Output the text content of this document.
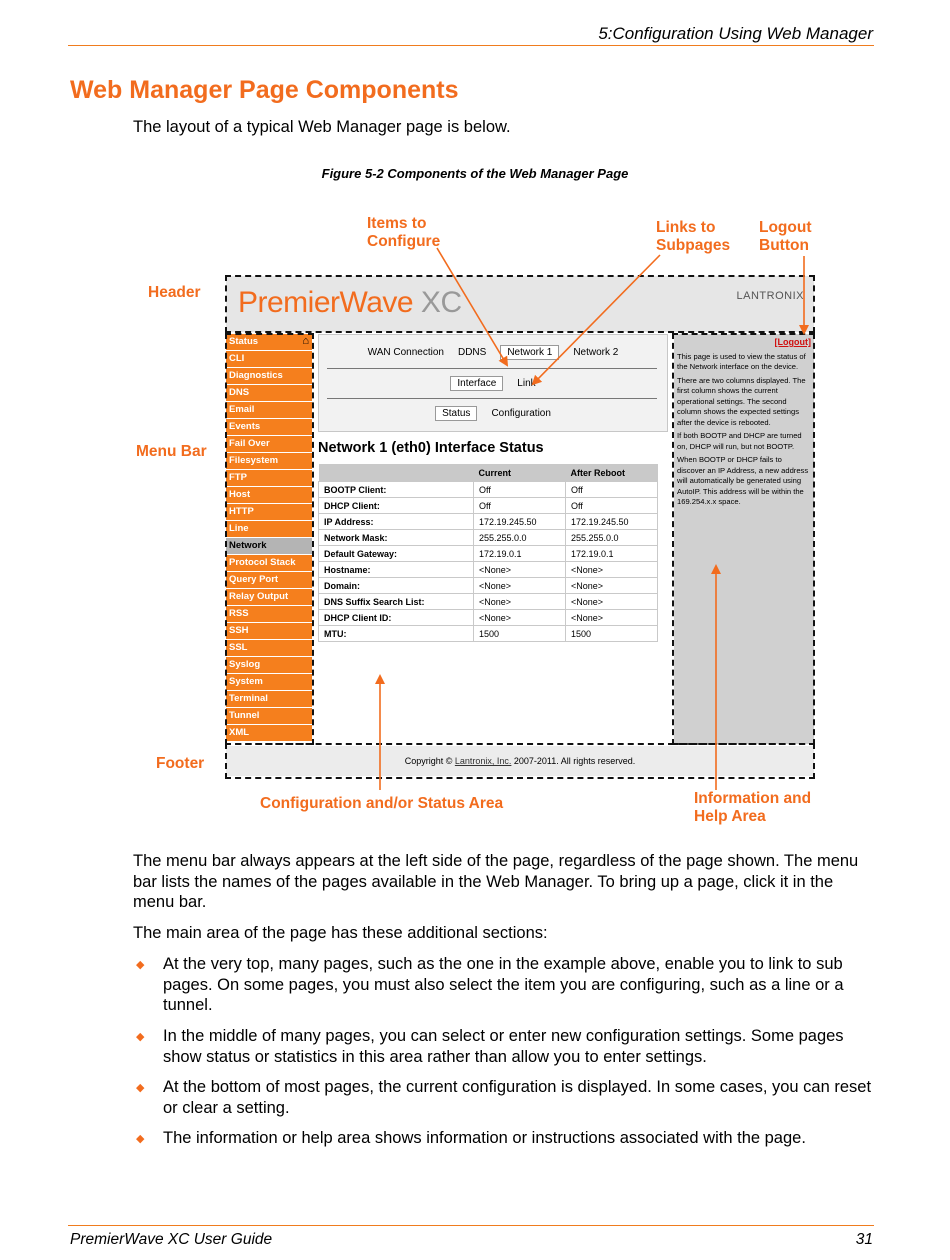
5:Configuration Using Web Manager
Web Manager Page Components
The layout of a typical Web Manager page is below.
Figure 5-2 Components of the Web Manager Page
Items to Configure
Links to Subpages
Logout Button
Header
Menu Bar
Footer
Configuration and/or Status Area	Information and Help Area
PremierWave XC	LANTRONIX
Status	⌂
CLI
Diagnostics
DNS
Email
Events
Fail Over
Filesystem
FTP
Host
HTTP
Line
Network
Protocol Stack
Query Port
Relay Output
RSS
SSH
SSL
Syslog
System
Terminal
Tunnel
XML
WAN Connection DDNS Network 1 Network 2
Interface Link
Status Configuration
Network 1 (eth0) Interface Status
	Current	After Reboot
BOOTP Client:	Off	Off
DHCP Client:	Off	Off
IP Address:	172.19.245.50	172.19.245.50
Network Mask:	255.255.0.0	255.255.0.0
Default Gateway:	172.19.0.1	172.19.0.1
Hostname:	<None>	<None>
Domain:	<None>	<None>
DNS Suffix Search List:	<None>	<None>
DHCP Client ID:	<None>	<None>
MTU:	1500	1500
[Logout]

This page is used to view the status of the Network interface on the device.

There are two columns displayed. The first column shows the current operational settings. The second column shows the expected settings after the device is rebooted.

If both BOOTP and DHCP are turned on, DHCP will run, but not BOOTP.

When BOOTP or DHCP fails to discover an IP Address, a new address will automatically be generated using AutoIP. This address will be within the 169.254.x.x space.

Copyright © Lantronix, Inc. 2007-2011. All rights reserved.
The menu bar always appears at the left side of the page, regardless of the page shown. The menu bar lists the names of the pages available in the Web Manager. To bring up a page, click it in the menu bar.
The main area of the page has these additional sections:
◆ At the very top, many pages, such as the one in the example above, enable you to link to sub pages. On some pages, you must also select the item you are configuring, such as a line or a tunnel.
◆ In the middle of many pages, you can select or enter new configuration settings. Some pages show status or statistics in this area rather than allow you to enter settings.
◆ At the bottom of most pages, the current configuration is displayed. In some cases, you can reset or clear a setting.
◆ The information or help area shows information or instructions associated with the page.
PremierWave XC User Guide	31
